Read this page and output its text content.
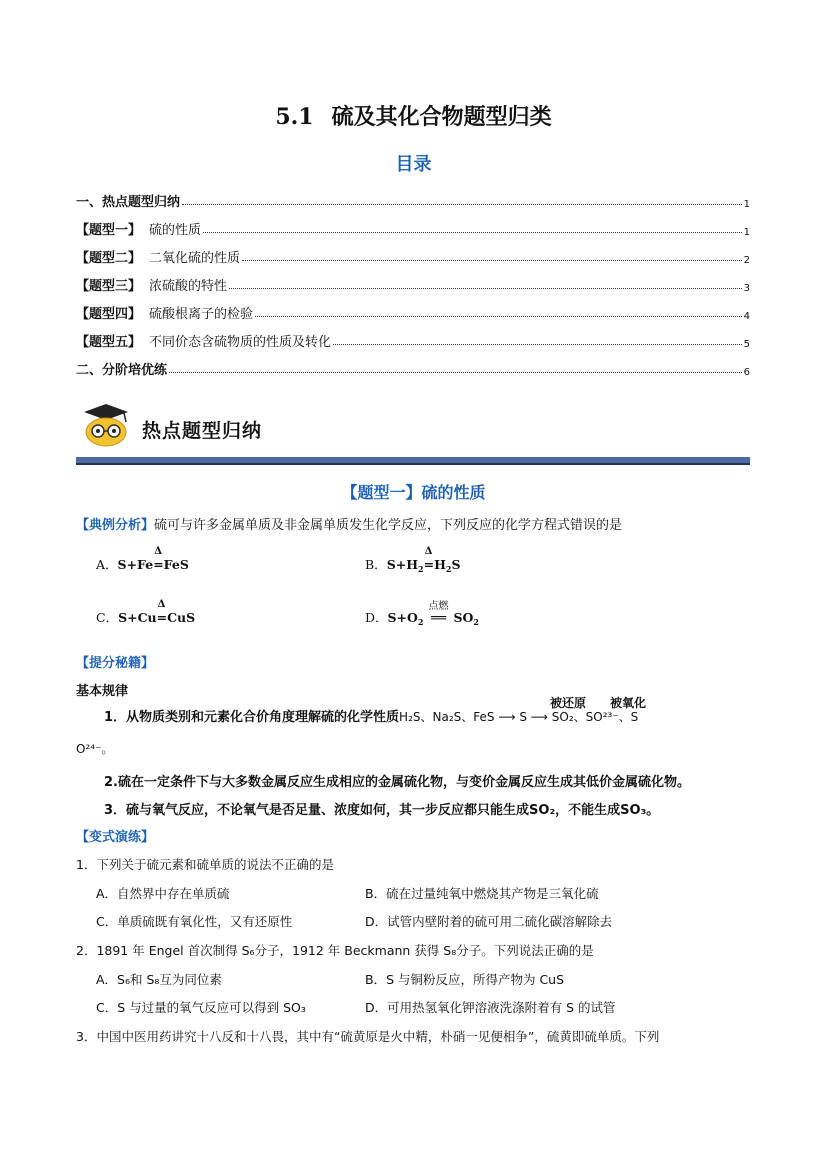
5.1 硫及其化合物题型归类
目录
一、热点题型归纳	1
【题型一】 硫的性质	1
【题型二】 二氧化硫的性质	2
【题型三】 浓硫酸的特性	3
【题型四】 硫酸根离子的检验	4
【题型五】 不同价态含硫物质的性质及转化	5
二、分阶培优练	6
热点题型归纳
【题型一】硫的性质
【典例分析】硫可与许多金属单质及非金属单质发生化学反应，下列反应的化学方程式错误的是
A．S+FeΔ =FeS	B．$S+H_2\Delta =H_2S$
C．S+CuΔ =CuS	D．$S+O_2$
点燃
══ $SO_2$
【提分秘籍】
基本规律
1．从物质类别和元素化合价角度理解硫的化学性质H₂S、Na₂S、FeS ⟶ S ⟶ SO₂、SO²³⁻、S
被还原 被氧化
O²⁴⁻。
2.硫在一定条件下与大多数金属反应生成相应的金属硫化物，与变价金属反应生成其低价金属硫化物。
3．硫与氧气反应，不论氧气是否足量、浓度如何，其一步反应都只能生成SO₂，不能生成SO₃。
【变式演练】
1．下列关于硫元素和硫单质的说法不正确的是
A．自然界中存在单质硫	B．硫在过量纯氧中燃烧其产物是三氧化硫
C．单质硫既有氧化性，又有还原性	D．试管内壁附着的硫可用二硫化碳溶解除去
2．1891 年 Engel 首次制得 S₆分子，1912 年 Beckmann 获得 S₈分子。下列说法正确的是
A．S₆和 S₈互为同位素	B．S 与铜粉反应，所得产物为 CuS
C．S 与过量的氧气反应可以得到 SO₃	D．可用热氢氧化钾溶液洗涤附着有 S 的试管
3．中国中医用药讲究十八反和十八畏，其中有“硫黄原是火中精，朴硝一见便相争”，硫黄即硫单质。下列
